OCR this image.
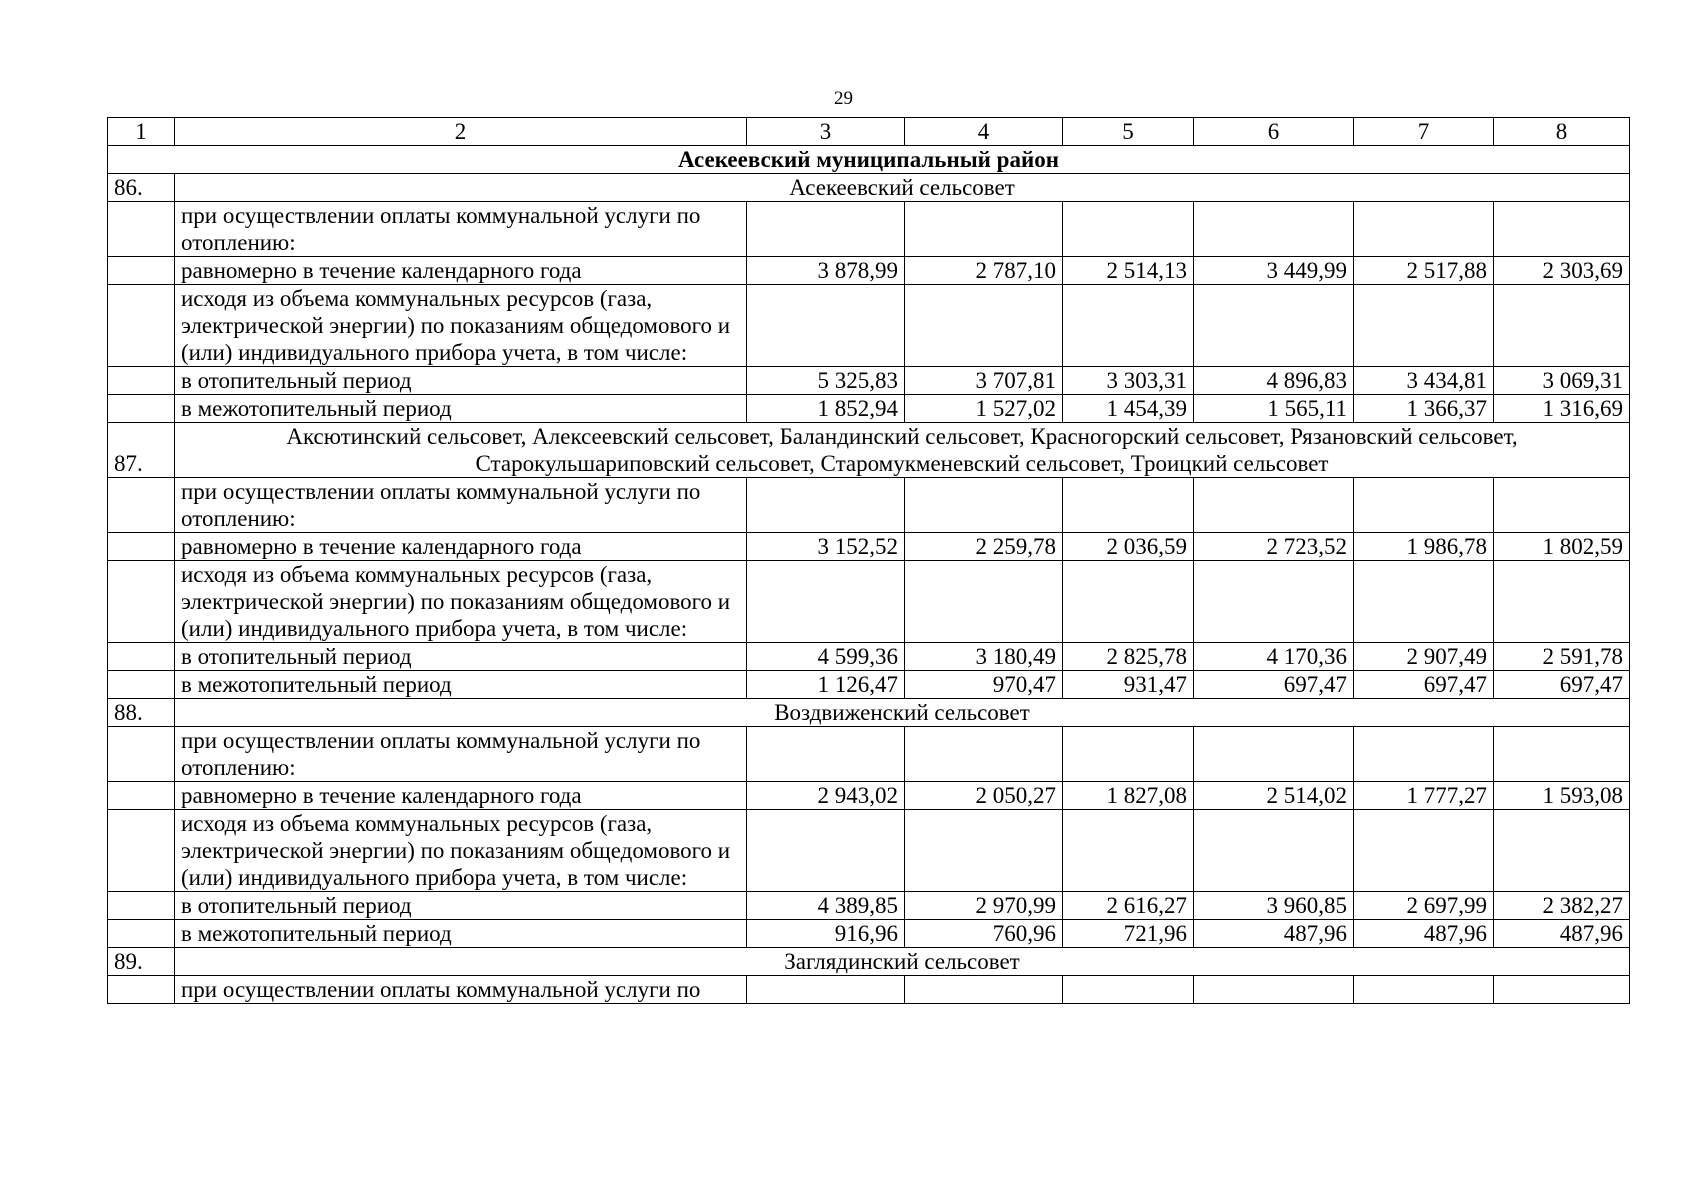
29
1	2	3	4	5	6	7	8
Асекеевский муниципальный район							
86.	Асекеевский сельсовет						
	при осуществлении оплаты коммунальной услуги по отоплению:						
	равномерно в течение календарного года	3 878,99	2 787,10	2 514,13	3 449,99	2 517,88	2 303,69
	исходя из объема коммунальных ресурсов (газа, электрической энергии) по показаниям общедомового и (или) индивидуального прибора учета, в том числе:						
	в отопительный период	5 325,83	3 707,81	3 303,31	4 896,83	3 434,81	3 069,31
	в межотопительный период	1 852,94	1 527,02	1 454,39	1 565,11	1 366,37	1 316,69
87.	Аксютинский сельсовет, Алексеевский сельсовет, Баландинский сельсовет, Красногорский сельсовет, Рязановский сельсовет, Старокульшариповский сельсовет, Старомукменевский сельсовет, Троицкий сельсовет						
	при осуществлении оплаты коммунальной услуги по отоплению:						
	равномерно в течение календарного года	3 152,52	2 259,78	2 036,59	2 723,52	1 986,78	1 802,59
	исходя из объема коммунальных ресурсов (газа, электрической энергии) по показаниям общедомового и (или) индивидуального прибора учета, в том числе:						
	в отопительный период	4 599,36	3 180,49	2 825,78	4 170,36	2 907,49	2 591,78
	в межотопительный период	1 126,47	970,47	931,47	697,47	697,47	697,47
88.	Воздвиженский сельсовет						
	при осуществлении оплаты коммунальной услуги по отоплению:						
	равномерно в течение календарного года	2 943,02	2 050,27	1 827,08	2 514,02	1 777,27	1 593,08
	исходя из объема коммунальных ресурсов (газа, электрической энергии) по показаниям общедомового и (или) индивидуального прибора учета, в том числе:						
	в отопительный период	4 389,85	2 970,99	2 616,27	3 960,85	2 697,99	2 382,27
	в межотопительный период	916,96	760,96	721,96	487,96	487,96	487,96
89.	Заглядинский сельсовет						
	при осуществлении оплаты коммунальной услуги по						
